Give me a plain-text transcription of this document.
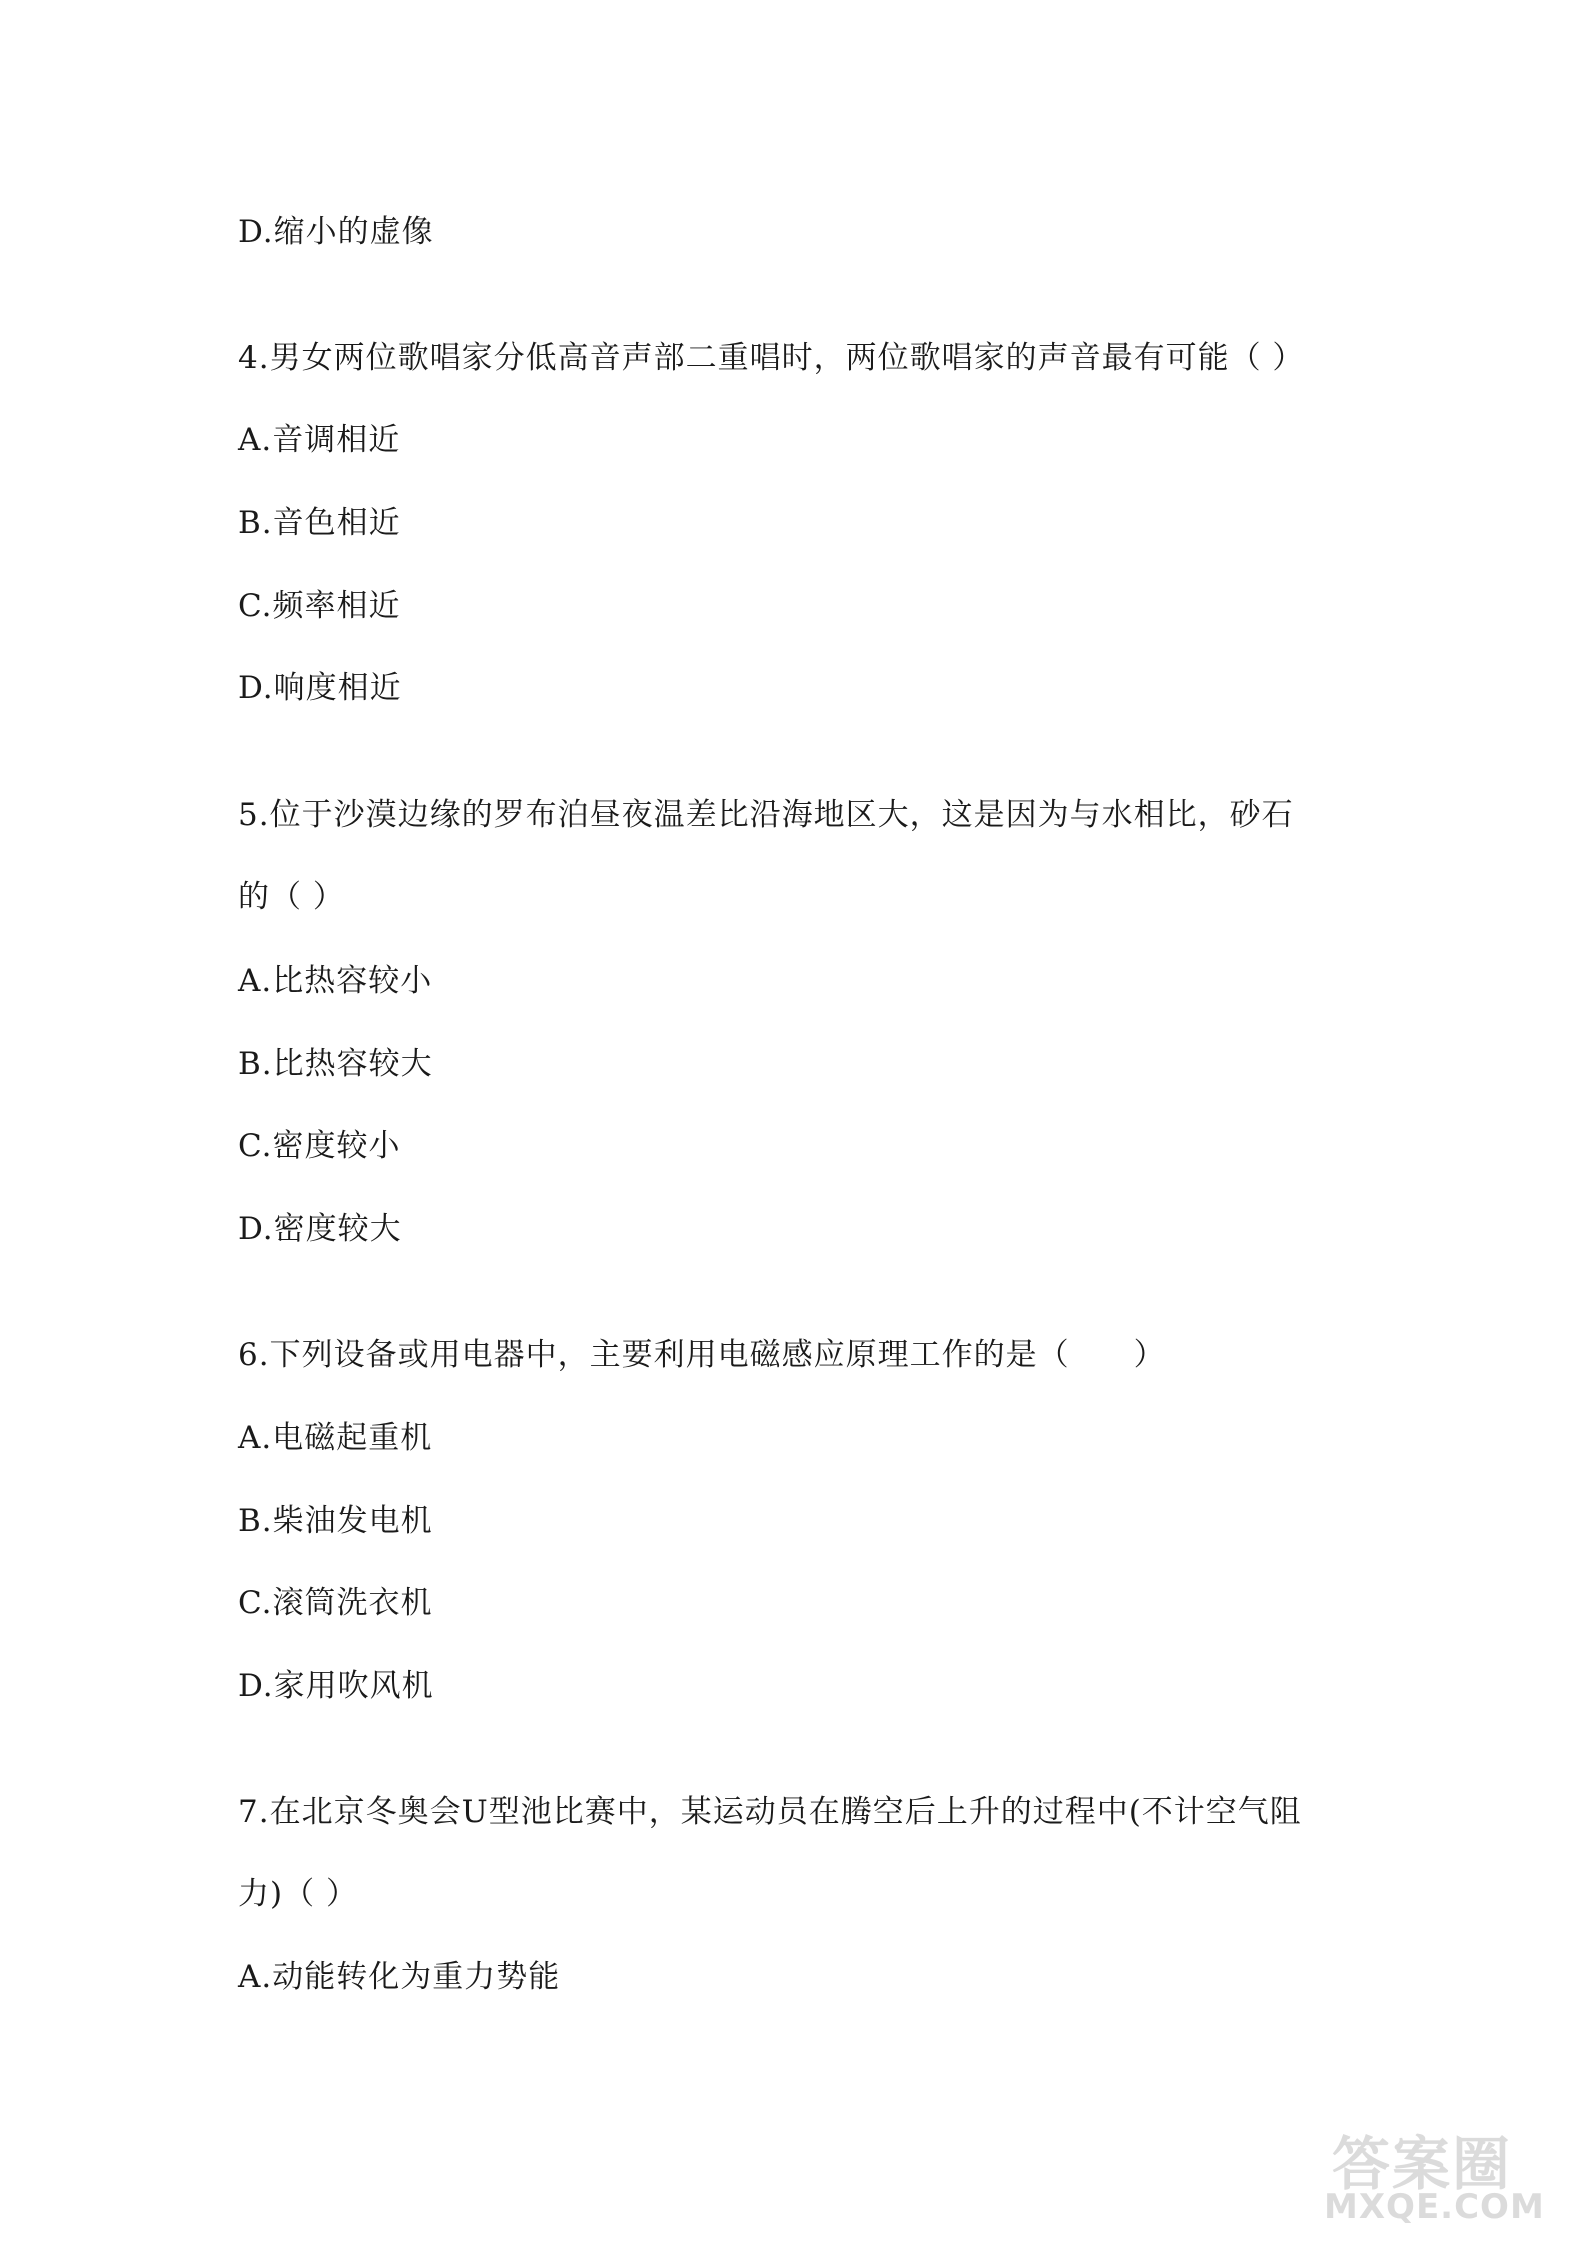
D.缩小的虚像
4.男女两位歌唱家分低高音声部二重唱时，两位歌唱家的声音最有可能（ ）
A.音调相近
B.音色相近
C.频率相近
D.响度相近
5.位于沙漠边缘的罗布泊昼夜温差比沿海地区大，这是因为与水相比，砂石
的（ ）
A.比热容较小
B.比热容较大
C.密度较小
D.密度较大
6.下列设备或用电器中，主要利用电磁感应原理工作的是（　　）
A.电磁起重机
B.柴油发电机
C.滚筒洗衣机
D.家用吹风机
7.在北京冬奥会U型池比赛中，某运动员在腾空后上升的过程中(不计空气阻
力)（ ）
A.动能转化为重力势能
答案圈
MXQE.COM
